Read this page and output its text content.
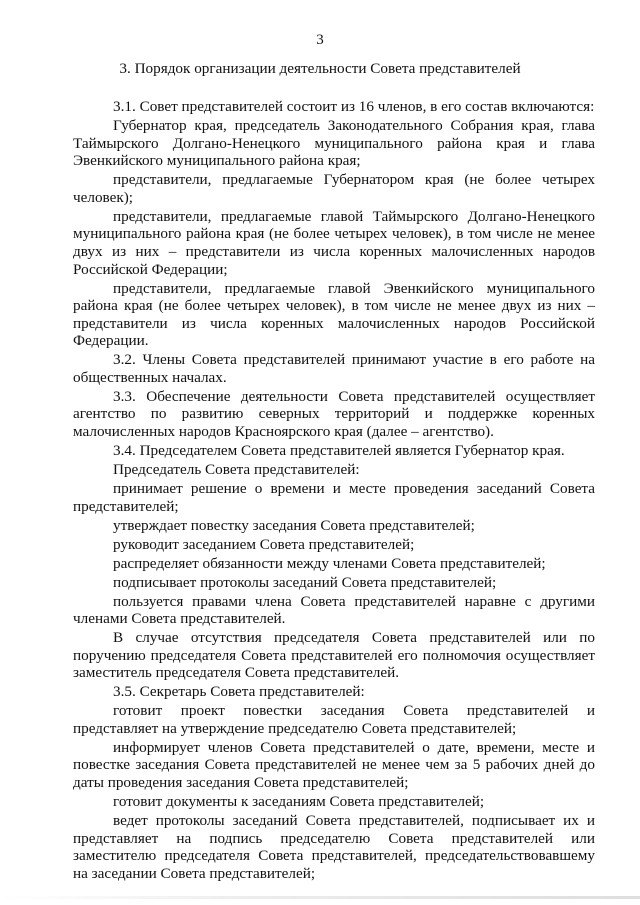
3
3. Порядок организации деятельности Совета представителей

3.1. Совет представителей состоит из 16 членов, в его состав включаются:

Губернатор края, председатель Законодательного Собрания края, глава Таймырского Долгано-Ненецкого муниципального района края и глава Эвенкийского муниципального района края;

представители, предлагаемые Губернатором края (не более четырех человек);

представители, предлагаемые главой Таймырского Долгано-Ненецкого муниципального района края (не более четырех человек), в том числе не менее двух из них – представители из числа коренных малочисленных народов Российской Федерации;

представители, предлагаемые главой Эвенкийского муниципального района края (не более четырех человек), в том числе не менее двух из них – представители из числа коренных малочисленных народов Российской Федерации.

3.2. Члены Совета представителей принимают участие в его работе на общественных началах.

3.3. Обеспечение деятельности Совета представителей осуществляет агентство по развитию северных территорий и поддержке коренных малочисленных народов Красноярского края (далее – агентство).

3.4. Председателем Совета представителей является Губернатор края.

Председатель Совета представителей:

принимает решение о времени и месте проведения заседаний Совета представителей;

утверждает повестку заседания Совета представителей;

руководит заседанием Совета представителей;

распределяет обязанности между членами Совета представителей;

подписывает протоколы заседаний Совета представителей;

пользуется правами члена Совета представителей наравне с другими членами Совета представителей.

В случае отсутствия председателя Совета представителей или по поручению председателя Совета представителей его полномочия осуществляет заместитель председателя Совета представителей.

3.5. Секретарь Совета представителей:

готовит проект повестки заседания Совета представителей и представляет на утверждение председателю Совета представителей;

информирует членов Совета представителей о дате, времени, месте и повестке заседания Совета представителей не менее чем за 5 рабочих дней до даты проведения заседания Совета представителей;

готовит документы к заседаниям Совета представителей;

ведет протоколы заседаний Совета представителей, подписывает их и представляет на подпись председателю Совета представителей или заместителю председателя Совета представителей, председательствовавшему на заседании Совета представителей;
